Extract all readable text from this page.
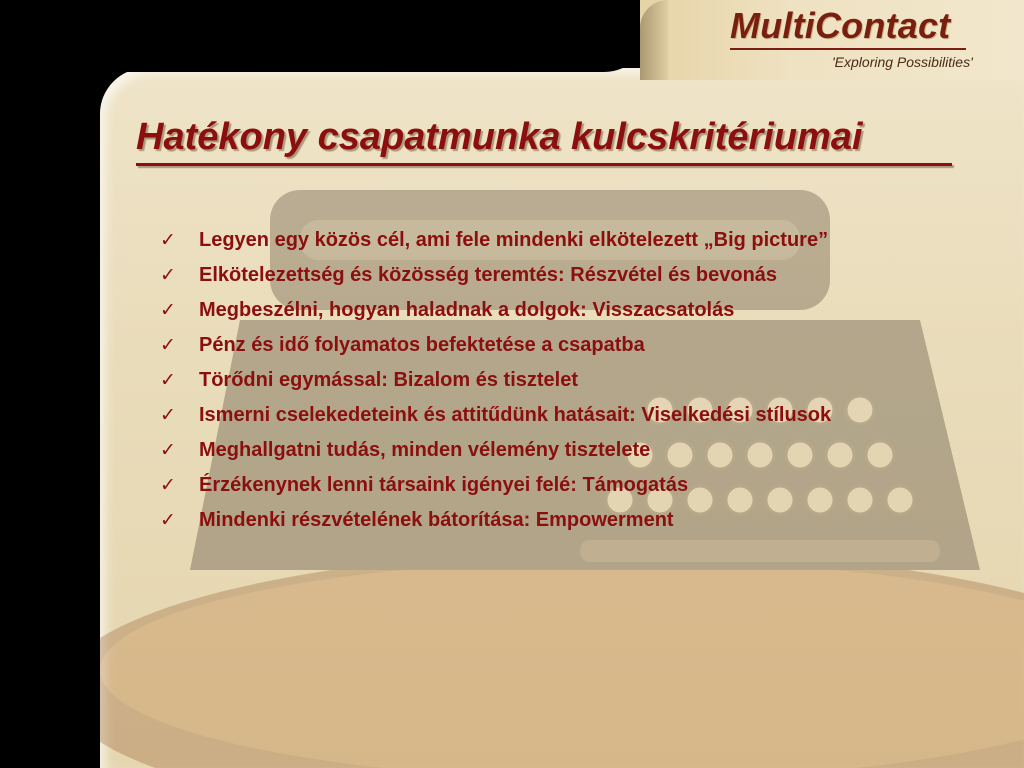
MultiContact
'Exploring Possibilities'
Hatékony csapatmunka kulcskritériumai
✓ Legyen egy közös cél, ami fele mindenki elkötelezett „Big picture”
✓ Elkötelezettség és közösség teremtés: Részvétel és bevonás
✓ Megbeszélni, hogyan haladnak a dolgok: Visszacsatolás
✓ Pénz és idő folyamatos befektetése a csapatba
✓ Törődni egymással: Bizalom és tisztelet
✓ Ismerni cselekedeteink és attitűdünk hatásait: Viselkedési stílusok
✓ Meghallgatni tudás, minden vélemény tisztelete
✓ Érzékenynek lenni társaink igényei felé: Támogatás
✓ Mindenki részvételének bátorítása: Empowerment
